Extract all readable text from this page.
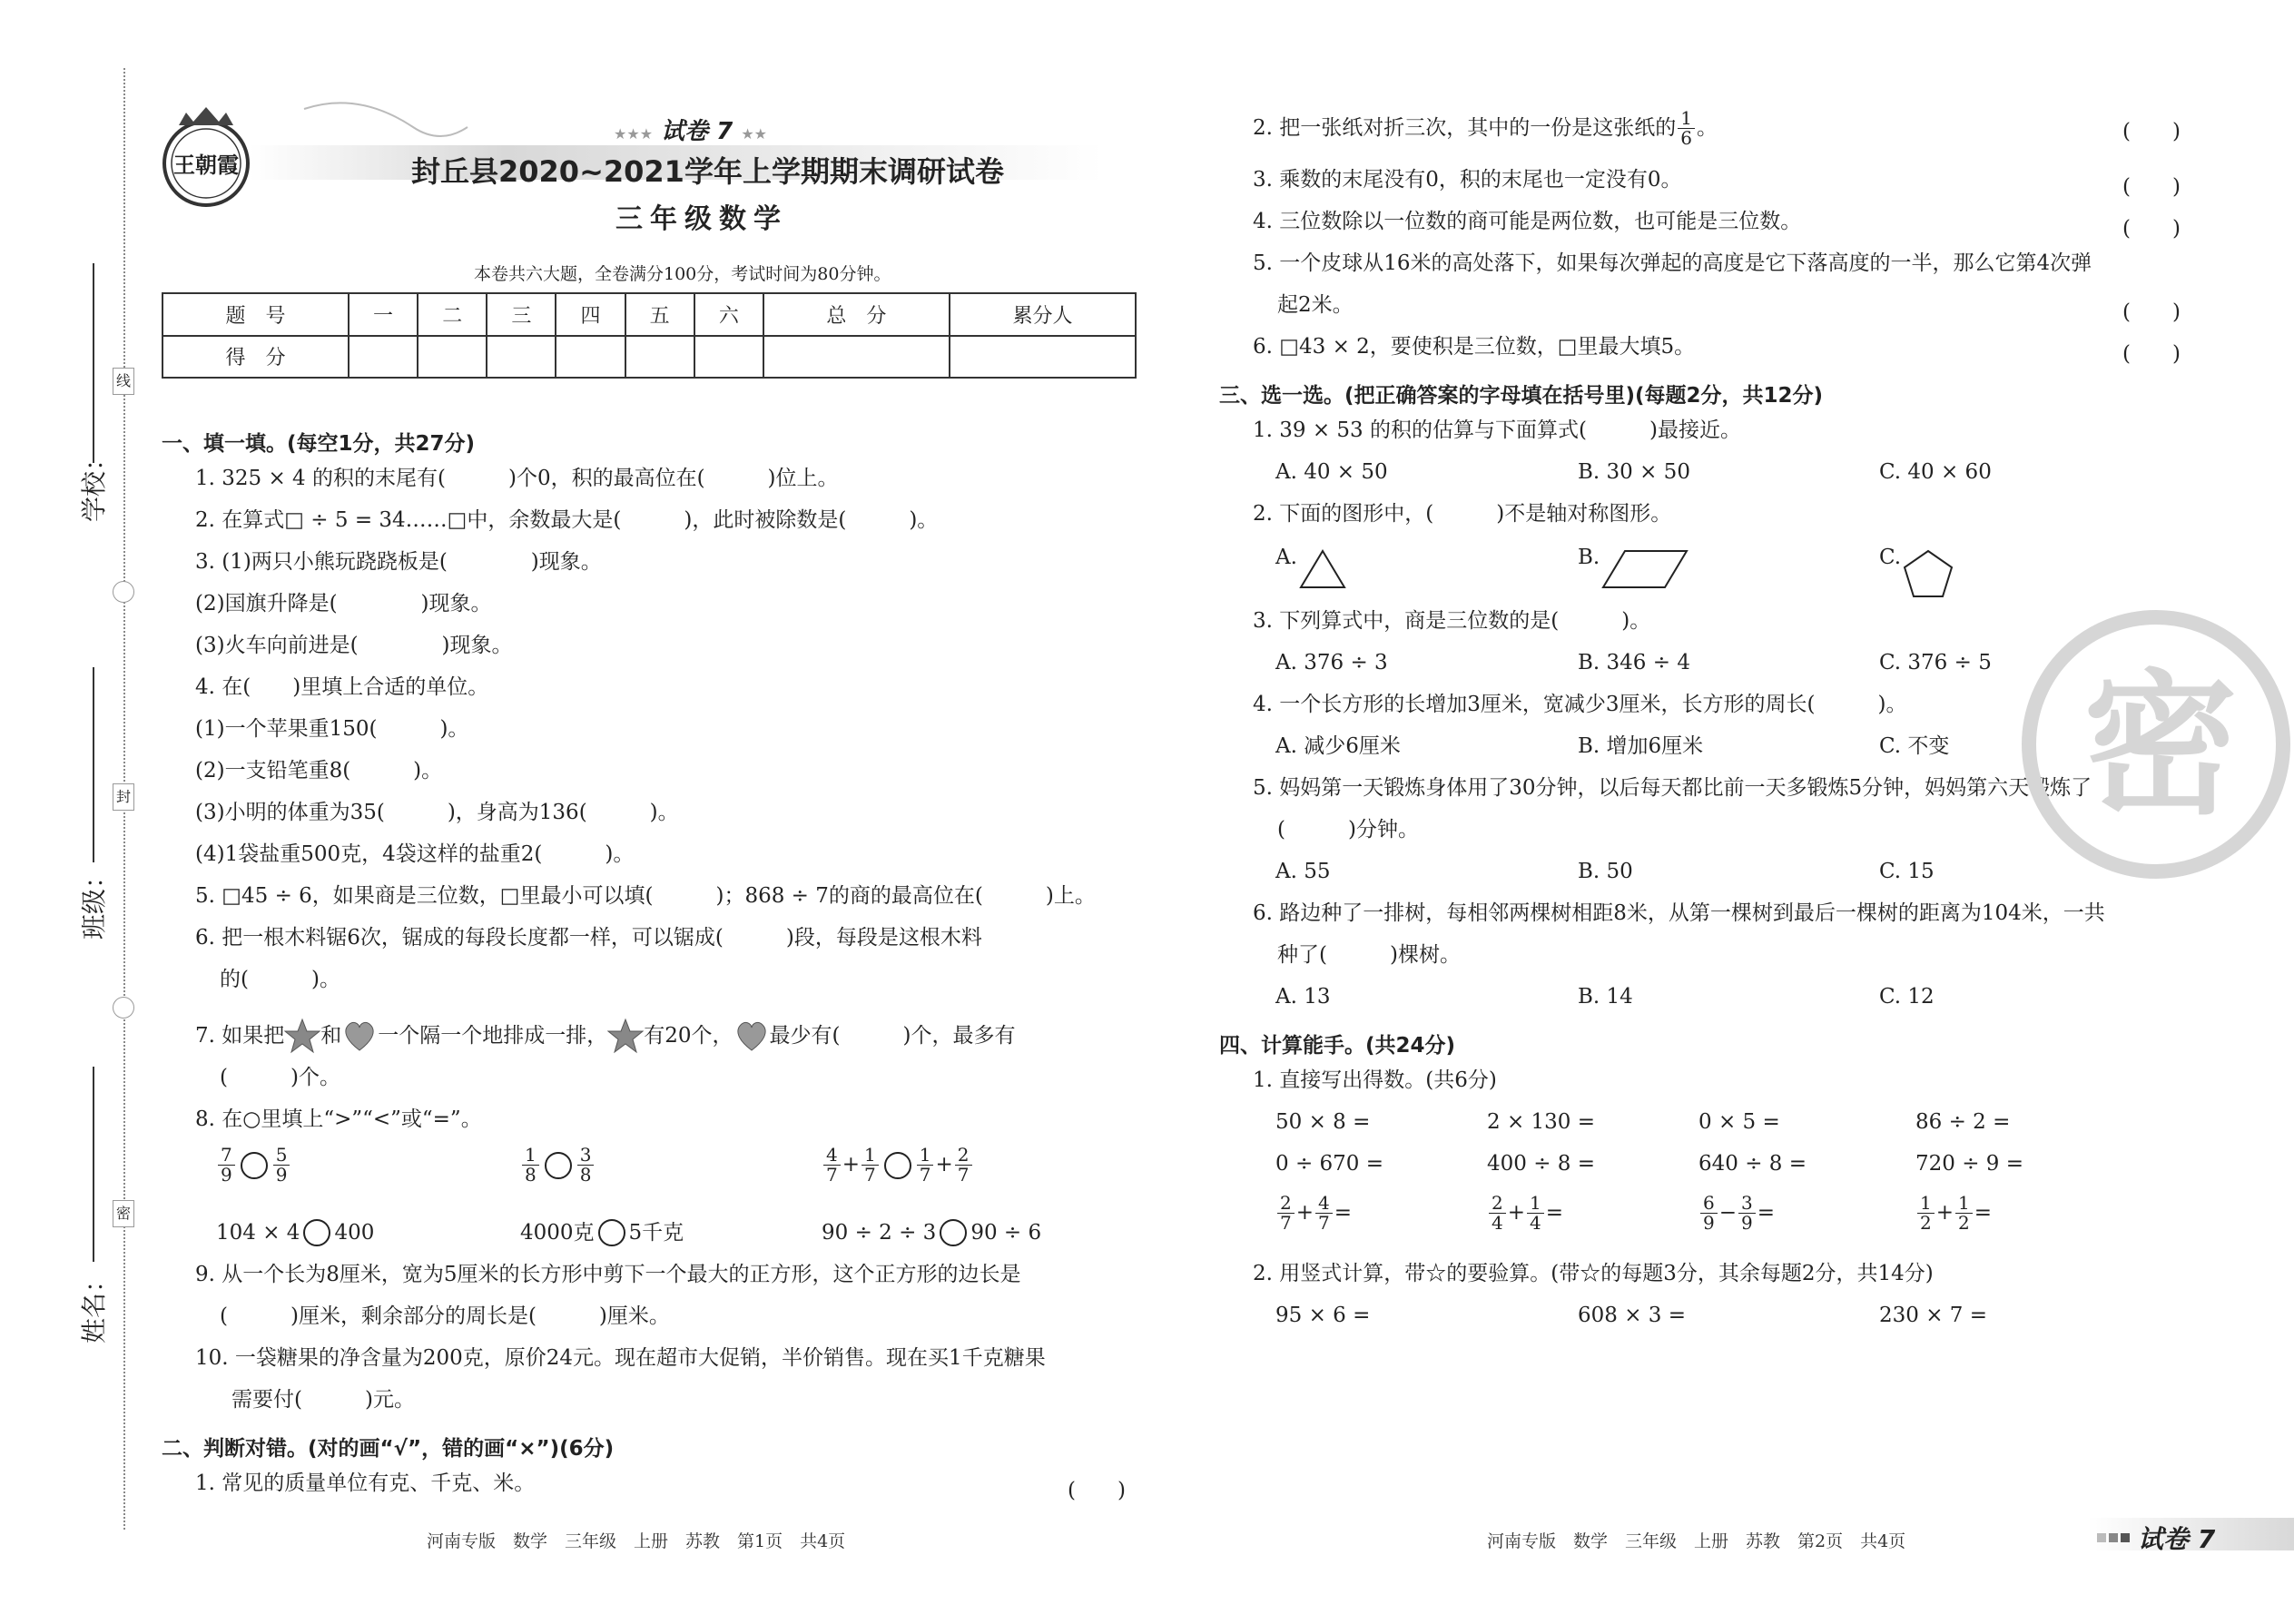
线
封
密
学校：
班级：
姓名：
王朝霞
★★★ 试卷 7 ★★
封丘县2020~2021学年上学期期末调研试卷
三年级数学
本卷共六大题，全卷满分100分，考试时间为80分钟。
题　号	一	二	三	四	五	六	总　分	累分人
得　分								
一、填一填。(每空1分，共27分)
1. 325 × 4 的积的末尾有(　　　)个0，积的最高位在(　　　)位上。
2. 在算式□ ÷ 5 = 34……□中，余数最大是(　　　)，此时被除数是(　　　)。
3. (1)两只小熊玩跷跷板是(　　　　)现象。
(2)国旗升降是(　　　　)现象。
(3)火车向前进是(　　　　)现象。
4. 在(　　)里填上合适的单位。
(1)一个苹果重150(　　　)。
(2)一支铅笔重8(　　　)。
(3)小明的体重为35(　　　)，身高为136(　　　)。
(4)1袋盐重500克，4袋这样的盐重2(　　　)。
5. □45 ÷ 6，如果商是三位数，□里最小可以填(　　　)；868 ÷ 7的商的最高位在(　　　)上。
6. 把一根木料锯6次，锯成的每段长度都一样，可以锯成(　　　)段，每段是这根木料
的(　　　)。
7. 如果把 和 一个隔一个地排成一排， 有20个， 最少有(　　　)个，最多有
(　　　)个。
8. 在○里填上“>”“<”或“=”。
$\frac{7}{9} \frac{5}{9}$	$\frac{1}{8} \frac{3}{8}$	$\frac{4}{7} + \frac{1}{7} \frac{1}{7} + \frac{2}{7}$
104 × 4 400	4000克 5千克	90 ÷ 2 ÷ 3 90 ÷ 6
9. 从一个长为8厘米，宽为5厘米的长方形中剪下一个最大的正方形，这个正方形的边长是
(　　　)厘米，剩余部分的周长是(　　　)厘米。
10. 一袋糖果的净含量为200克，原价24元。现在超市大促销，半价销售。现在买1千克糖果
需要付(　　　)元。
二、判断对错。(对的画“√”，错的画“×”)(6分)
1. 常见的质量单位有克、千克、米。	(　　)
河南专版　数学　三年级　上册　苏教　第1页　共4页
2. 把一张纸对折三次，其中的一份是这张纸的 $\frac{1}{6}$ 。	(　　)
3. 乘数的末尾没有0，积的末尾也一定没有0。	(　　)
4. 三位数除以一位数的商可能是两位数，也可能是三位数。	(　　)
5. 一个皮球从16米的高处落下，如果每次弹起的高度是它下落高度的一半，那么它第4次弹
起2米。	(　　)
6. □43 × 2，要使积是三位数，□里最大填5。	(　　)
三、选一选。(把正确答案的字母填在括号里)(每题2分，共12分)
1. 39 × 53 的积的估算与下面算式(　　　)最接近。
A. 40 × 50	B. 30 × 50	C. 40 × 60
2. 下面的图形中，(　　　)不是轴对称图形。
A.	B.	C.
3. 下列算式中，商是三位数的是(　　　)。
A. 376 ÷ 3	B. 346 ÷ 4	C. 376 ÷ 5
4. 一个长方形的长增加3厘米，宽减少3厘米，长方形的周长(　　　)。
A. 减少6厘米	B. 增加6厘米	C. 不变
5. 妈妈第一天锻炼身体用了30分钟，以后每天都比前一天多锻炼5分钟，妈妈第六天锻炼了
(　　　)分钟。
A. 55	B. 50	C. 15
6. 路边种了一排树，每相邻两棵树相距8米，从第一棵树到最后一棵树的距离为104米，一共
种了(　　　)棵树。
A. 13	B. 14	C. 12
四、计算能手。(共24分)
1. 直接写出得数。(共6分)
50 × 8 =	2 × 130 =	0 × 5 =	86 ÷ 2 =
0 ÷ 670 =	400 ÷ 8 =	640 ÷ 8 =	720 ÷ 9 =
$\frac{2}{7} + \frac{4}{7}$ =	$\frac{2}{4} + \frac{1}{4}$ =	$\frac{6}{9} - \frac{3}{9}$ =	$\frac{1}{2} + \frac{1}{2}$ =
2. 用竖式计算，带☆的要验算。(带☆的每题3分，其余每题2分，共14分)
95 × 6 =	608 × 3 =	230 × 7 =
密
河南专版　数学　三年级　上册　苏教　第2页　共4页	试卷 7
